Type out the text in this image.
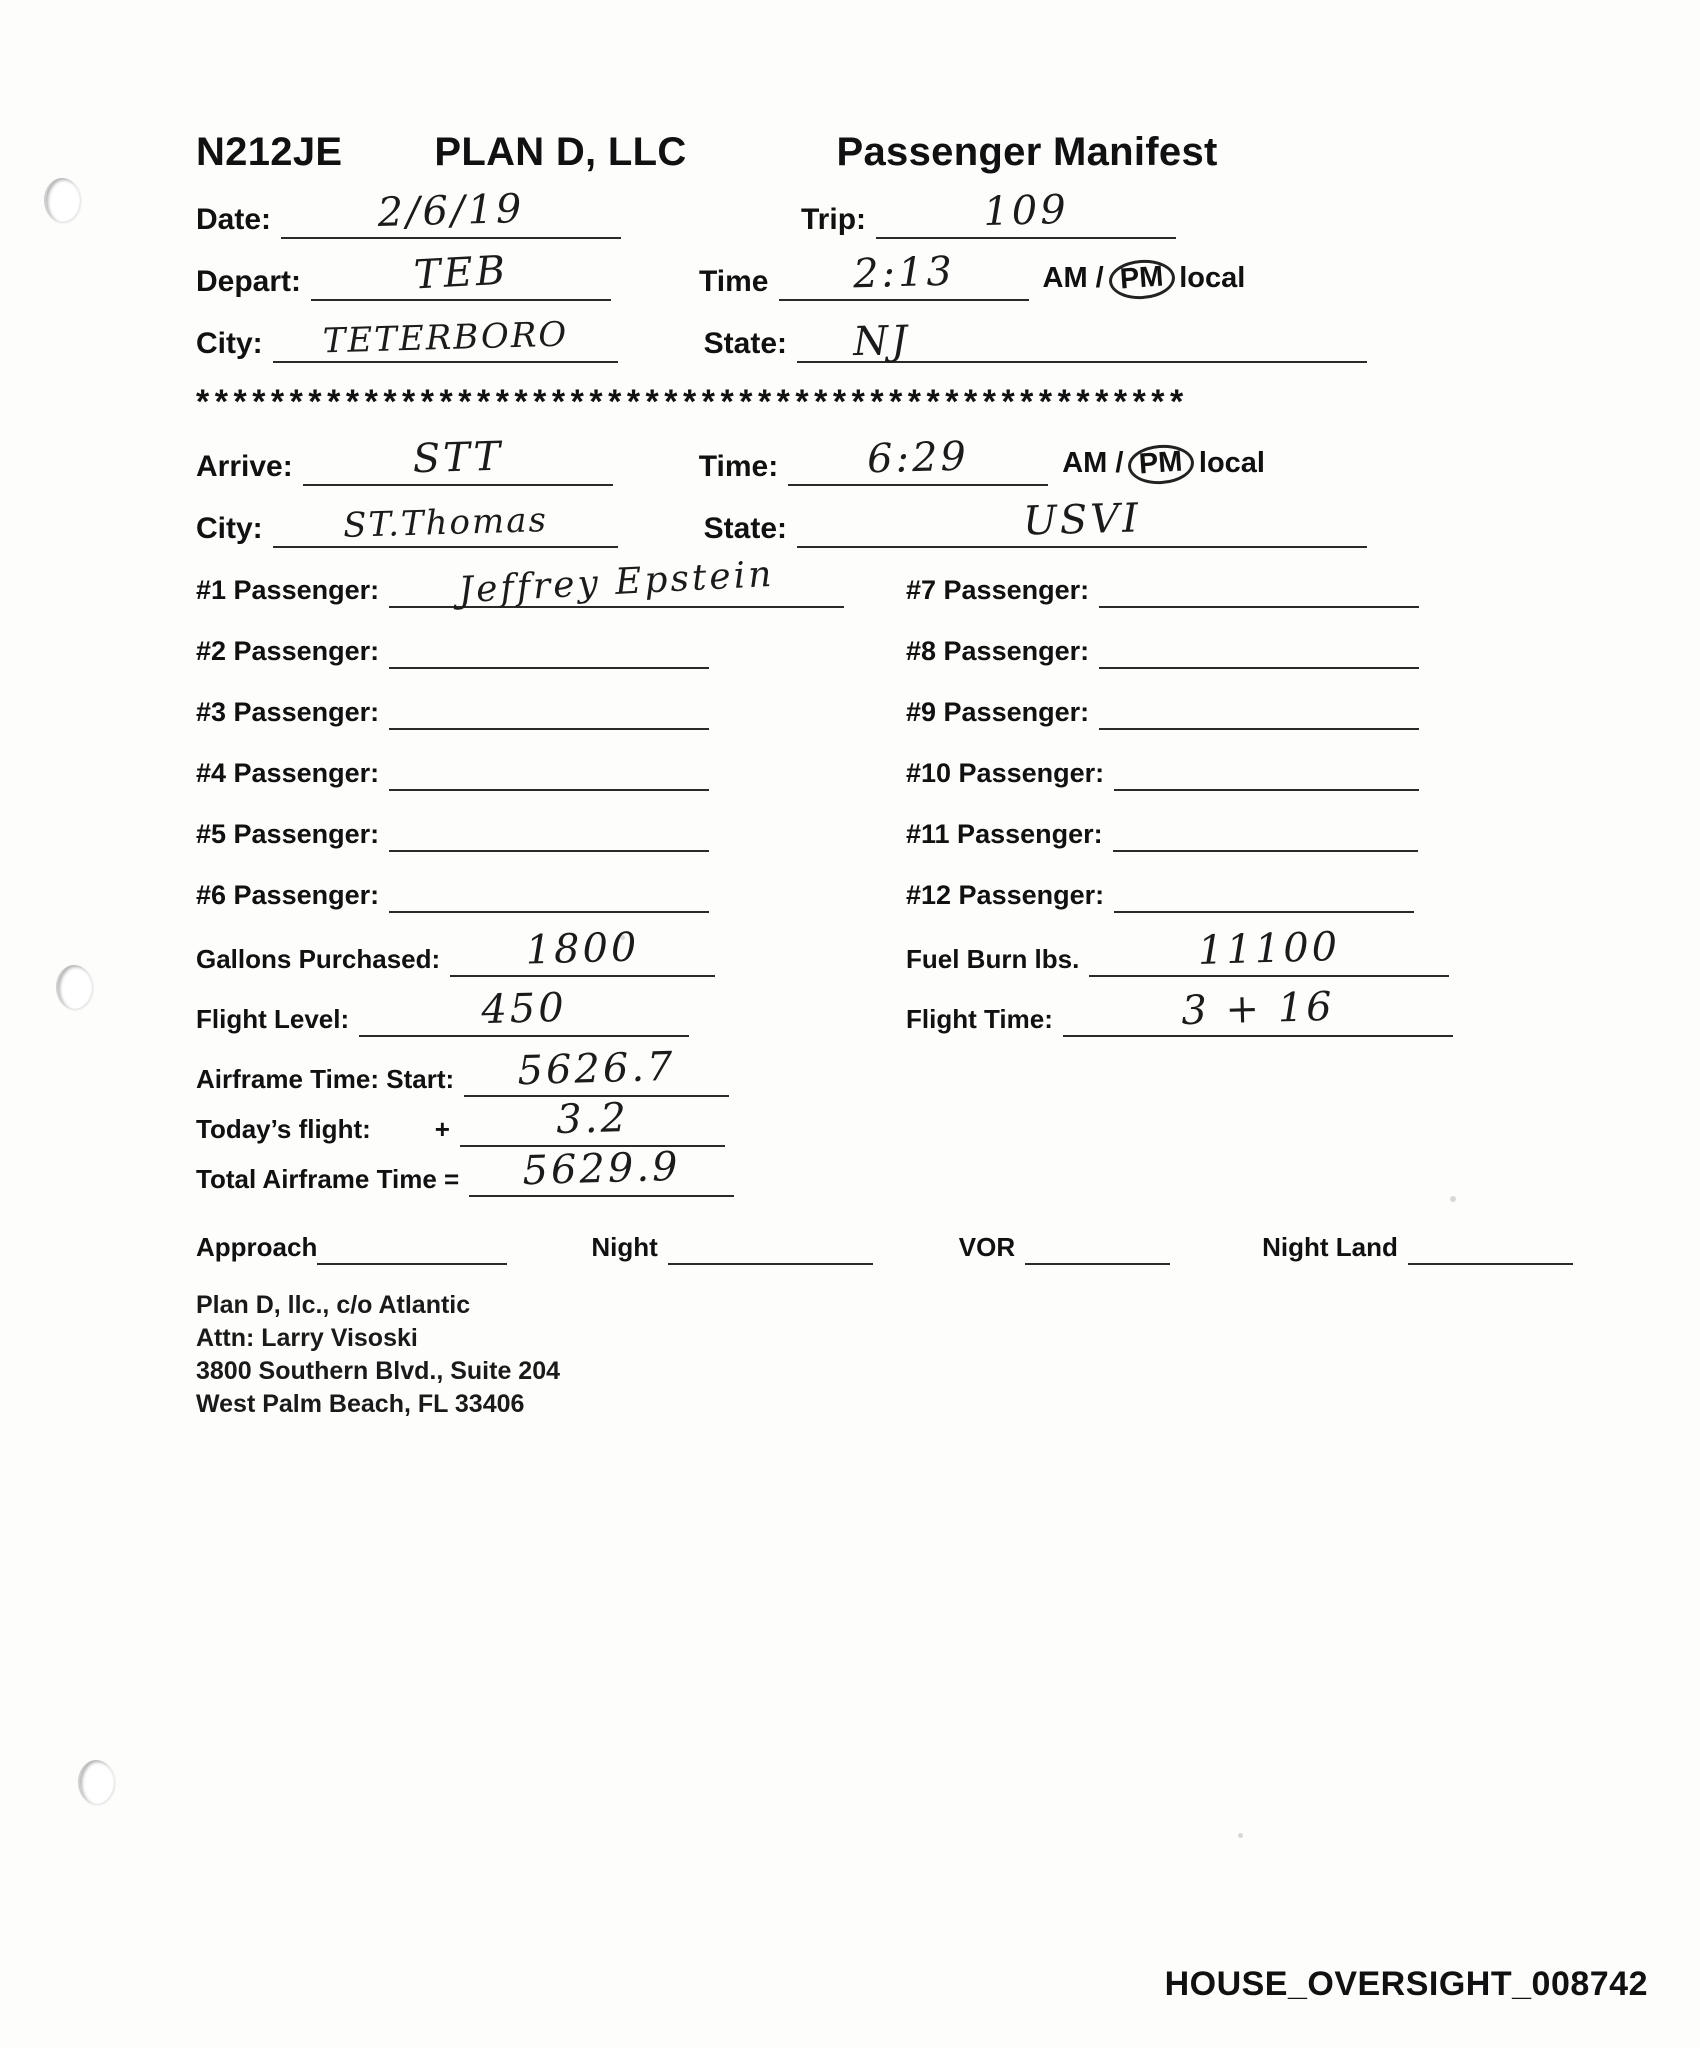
N212JE PLAN D, LLC	Passenger Manifest
Date:	2/6/19	Trip:	109
Depart:	TEB	Time	2:13	AM / PM local
City:	TETERBORO	State:	NJ
*****************************************************
Arrive:	STT	Time:	6:29	AM / PM local
City:	ST.Thomas	State:	USVI
#1 Passenger:	Jeffrey Epstein	#7 Passenger:
#2 Passenger:	#8 Passenger:
#3 Passenger:	#9 Passenger:
#4 Passenger:	#10 Passenger:
#5 Passenger:	#11 Passenger:
#6 Passenger:	#12 Passenger:
Gallons Purchased:	1800	Fuel Burn lbs.	11100
Flight Level:	450	Flight Time:	3 + 16
Airframe Time: Start:	5626.7
Today’s flight: +	3.2
Total Airframe Time =	5629.9
Approach	Night	VOR	Night Land
Plan D, llc., c/o Atlantic
Attn: Larry Visoski
3800 Southern Blvd., Suite 204
West Palm Beach, FL 33406
HOUSE_OVERSIGHT_008742
